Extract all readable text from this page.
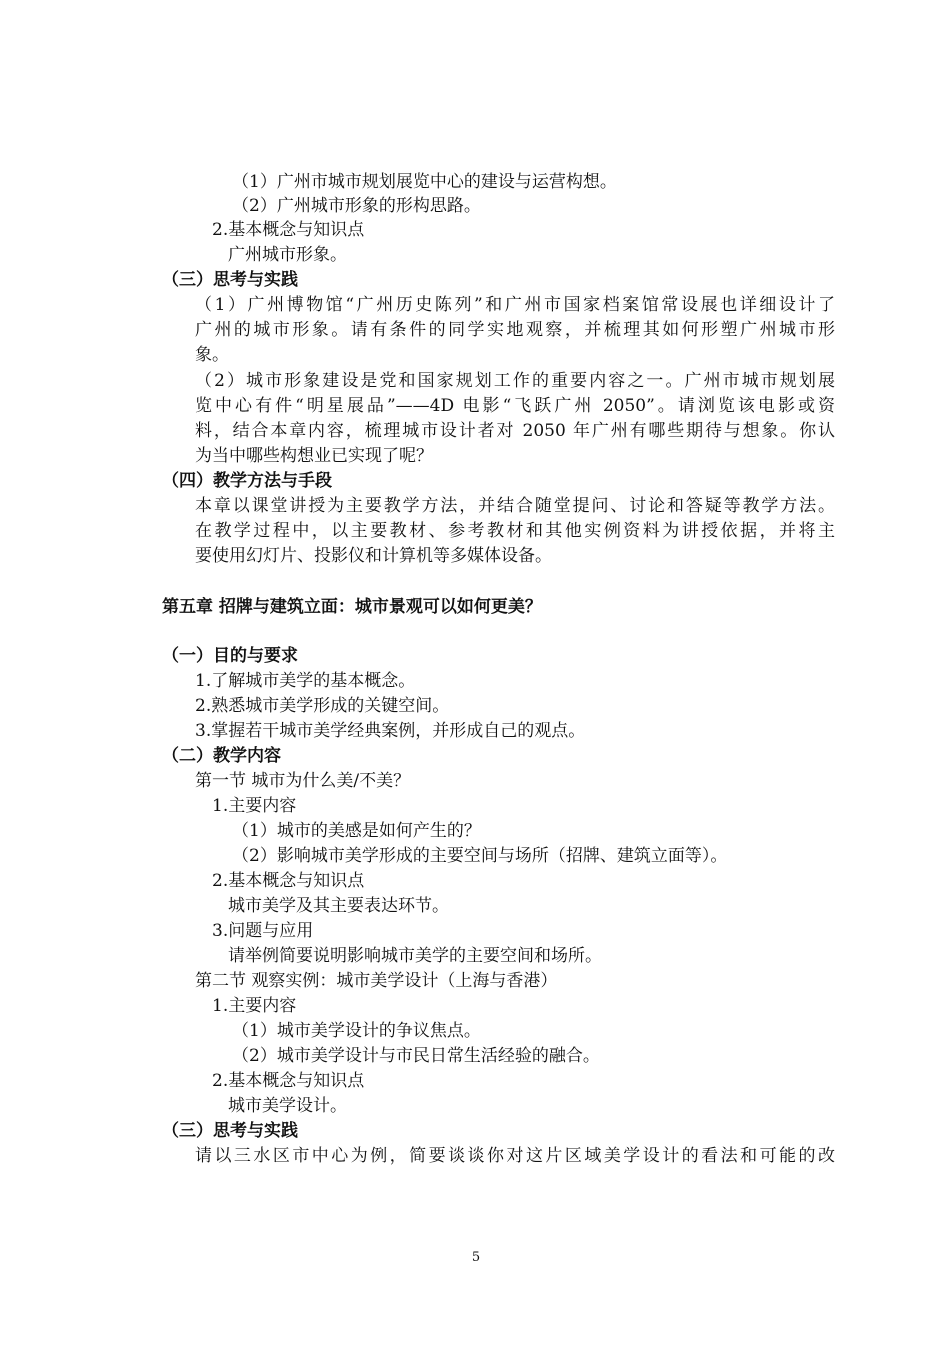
（1）广州市城市规划展览中心的建设与运营构想。
（2）广州城市形象的形构思路。
2.基本概念与知识点
广州城市形象。
（三）思考与实践
（1）广州博物馆“广州历史陈列”和广州市国家档案馆常设展也详细设计了
广州的城市形象。请有条件的同学实地观察，并梳理其如何形塑广州城市形
象。
（2）城市形象建设是党和国家规划工作的重要内容之一。广州市城市规划展
览中心有件“明星展品”——4D 电影“飞跃广州 2050”。请浏览该电影或资
料，结合本章内容，梳理城市设计者对 2050 年广州有哪些期待与想象。你认
为当中哪些构想业已实现了呢？
（四）教学方法与手段
本章以课堂讲授为主要教学方法，并结合随堂提问、讨论和答疑等教学方法。
在教学过程中，以主要教材、参考教材和其他实例资料为讲授依据，并将主
要使用幻灯片、投影仪和计算机等多媒体设备。
第五章 招牌与建筑立面：城市景观可以如何更美？
（一）目的与要求
1.了解城市美学的基本概念。
2.熟悉城市美学形成的关键空间。
3.掌握若干城市美学经典案例，并形成自己的观点。
（二）教学内容
第一节 城市为什么美/不美？
1.主要内容
（1）城市的美感是如何产生的？
（2）影响城市美学形成的主要空间与场所（招牌、建筑立面等）。
2.基本概念与知识点
城市美学及其主要表达环节。
3.问题与应用
请举例简要说明影响城市美学的主要空间和场所。
第二节 观察实例：城市美学设计（上海与香港）
1.主要内容
（1）城市美学设计的争议焦点。
（2）城市美学设计与市民日常生活经验的融合。
2.基本概念与知识点
城市美学设计。
（三）思考与实践
请以三水区市中心为例，简要谈谈你对这片区域美学设计的看法和可能的改
5
